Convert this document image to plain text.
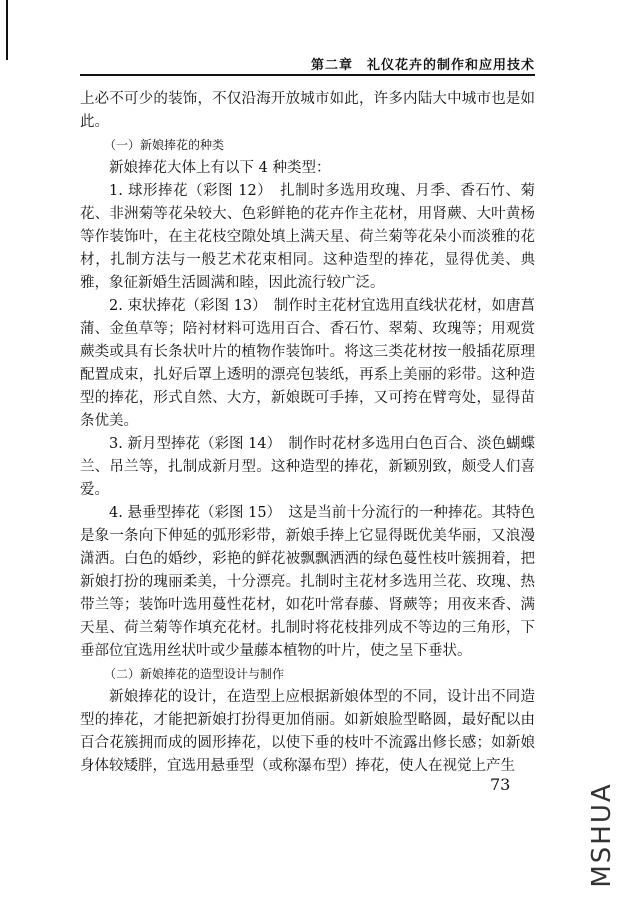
第二章　礼仪花卉的制作和应用技术

上必不可少的装饰，不仅沿海开放城市如此，许多内陆大中城市也是如此。

（一）新娘捧花的种类

新娘捧花大体上有以下 4 种类型：

1. 球形捧花（彩图 12）　扎制时多选用玫瑰、月季、香石竹、菊花、非洲菊等花朵较大、色彩鲜艳的花卉作主花材，用肾蕨、大叶黄杨等作装饰叶，在主花枝空隙处填上满天星、荷兰菊等花朵小而淡雅的花材，扎制方法与一般艺术花束相同。这种造型的捧花，显得优美、典雅，象征新婚生活圆满和睦，因此流行较广泛。

2. 束状捧花（彩图 13）　制作时主花材宜选用直线状花材，如唐菖蒲、金鱼草等；陪衬材料可选用百合、香石竹、翠菊、玫瑰等；用观赏蕨类或具有长条状叶片的植物作装饰叶。将这三类花材按一般插花原理配置成束，扎好后罩上透明的漂亮包装纸，再系上美丽的彩带。这种造型的捧花，形式自然、大方，新娘既可手捧，又可挎在臂弯处，显得苗条优美。

3. 新月型捧花（彩图 14）　制作时花材多选用白色百合、淡色蝴蝶兰、吊兰等，扎制成新月型。这种造型的捧花，新颖别致，颇受人们喜爱。

4. 悬垂型捧花（彩图 15）　这是当前十分流行的一种捧花。其特色是象一条向下伸延的弧形彩带，新娘手捧上它显得既优美华丽，又浪漫潇洒。白色的婚纱，彩艳的鲜花被飘飘洒洒的绿色蔓性枝叶簇拥着，把新娘打扮的瑰丽柔美，十分漂亮。扎制时主花材多选用兰花、玫瑰、热带兰等；装饰叶选用蔓性花材，如花叶常春藤、肾蕨等；用夜来香、满天星、荷兰菊等作填充花材。扎制时将花枝排列成不等边的三角形，下垂部位宜选用丝状叶或少量藤本植物的叶片，使之呈下垂状。

（二）新娘捧花的造型设计与制作

新娘捧花的设计，在造型上应根据新娘体型的不同，设计出不同造型的捧花，才能把新娘打扮得更加俏丽。如新娘脸型略圆，最好配以由百合花簇拥而成的圆形捧花，以使下垂的枝叶不流露出修长感；如新娘身体较矮胖，宜选用悬垂型（或称瀑布型）捧花，使人在视觉上产生

73	MSHUA
